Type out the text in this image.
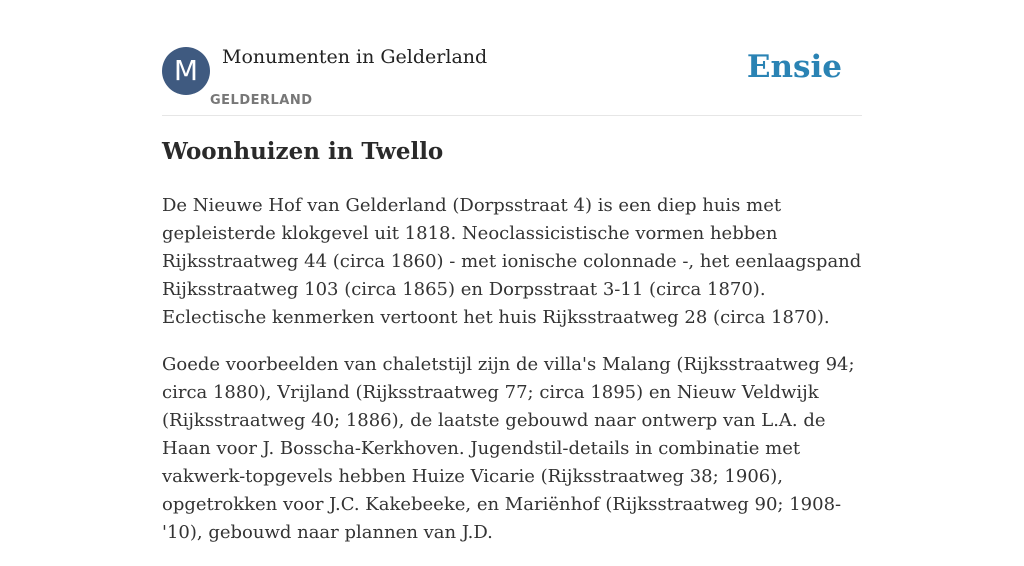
M	Monumenten in Gelderland
GELDERLAND
Ensie
Woonhuizen in Twello

De Nieuwe Hof van Gelderland (Dorpsstraat 4) is een diep huis met gepleisterde klokgevel uit 1818. Neoclassicistische vormen hebben Rijksstraatweg 44 (circa 1860) - met ionische colonnade -, het eenlaagspand Rijksstraatweg 103 (circa 1865) en Dorpsstraat 3-11 (circa 1870). Eclectische kenmerken vertoont het huis Rijksstraatweg 28 (circa 1870).

Goede voorbeelden van chaletstijl zijn de villa's Malang (Rijksstraatweg 94; circa 1880), Vrijland (Rijksstraatweg 77; circa 1895) en Nieuw Veldwijk (Rijksstraatweg 40; 1886), de laatste gebouwd naar ontwerp van L.A. de Haan voor J. Bosscha-Kerkhoven. Jugendstil-details in combinatie met vakwerk-topgevels hebben Huize Vicarie (Rijksstraatweg 38; 1906), opgetrokken voor J.C. Kakebeeke, en Mariënhof (Rijksstraatweg 90; 1908-'10), gebouwd naar plannen van J.D.
